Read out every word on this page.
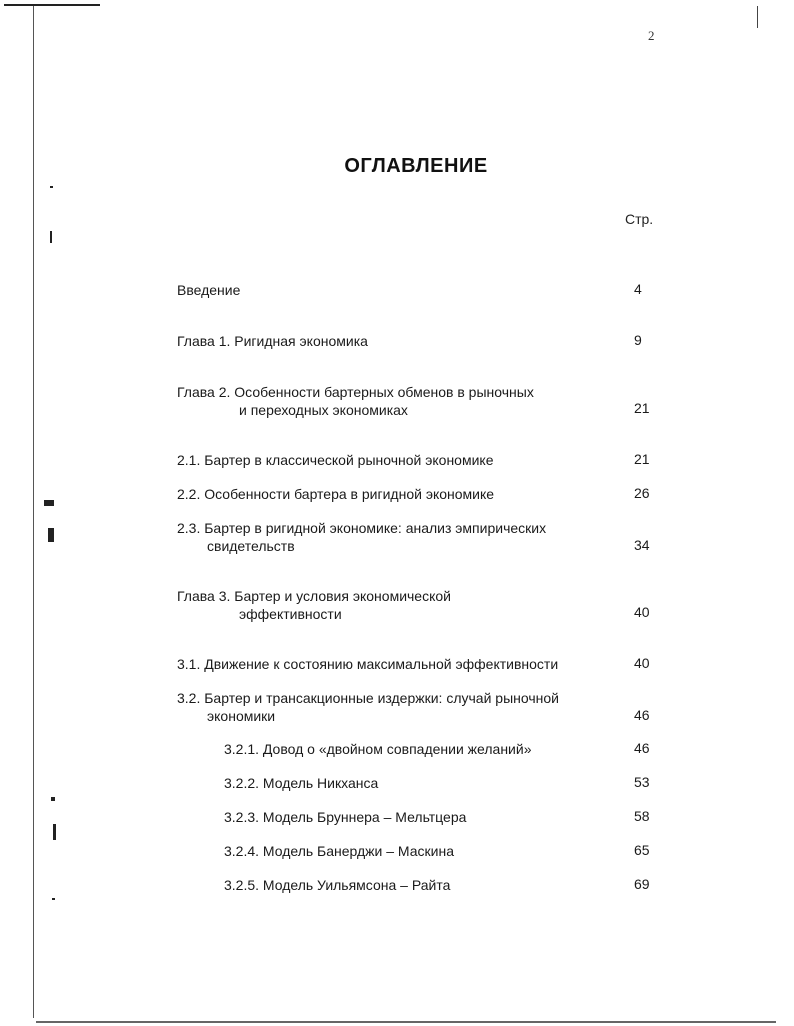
2
ОГЛАВЛЕНИЕ
Стр.
Введение	4
Глава 1. Ригидная экономика	9
Глава 2. Особенности бартерных обменов в рыночных
и переходных экономиках	21
2.1. Бартер в классической рыночной экономике	21
2.2. Особенности бартера в ригидной экономике	26
2.3. Бартер в ригидной экономике: анализ эмпирических
свидетельств	34
Глава 3. Бартер и условия экономической
эффективности	40
3.1. Движение к состоянию максимальной эффективности	40
3.2. Бартер и трансакционные издержки: случай рыночной
экономики	46
3.2.1. Довод о «двойном совпадении желаний»	46
3.2.2. Модель Никханса	53
3.2.3. Модель Бруннера – Мельтцера	58
3.2.4. Модель Банерджи – Маскина	65
3.2.5. Модель Уильямсона – Райта	69
